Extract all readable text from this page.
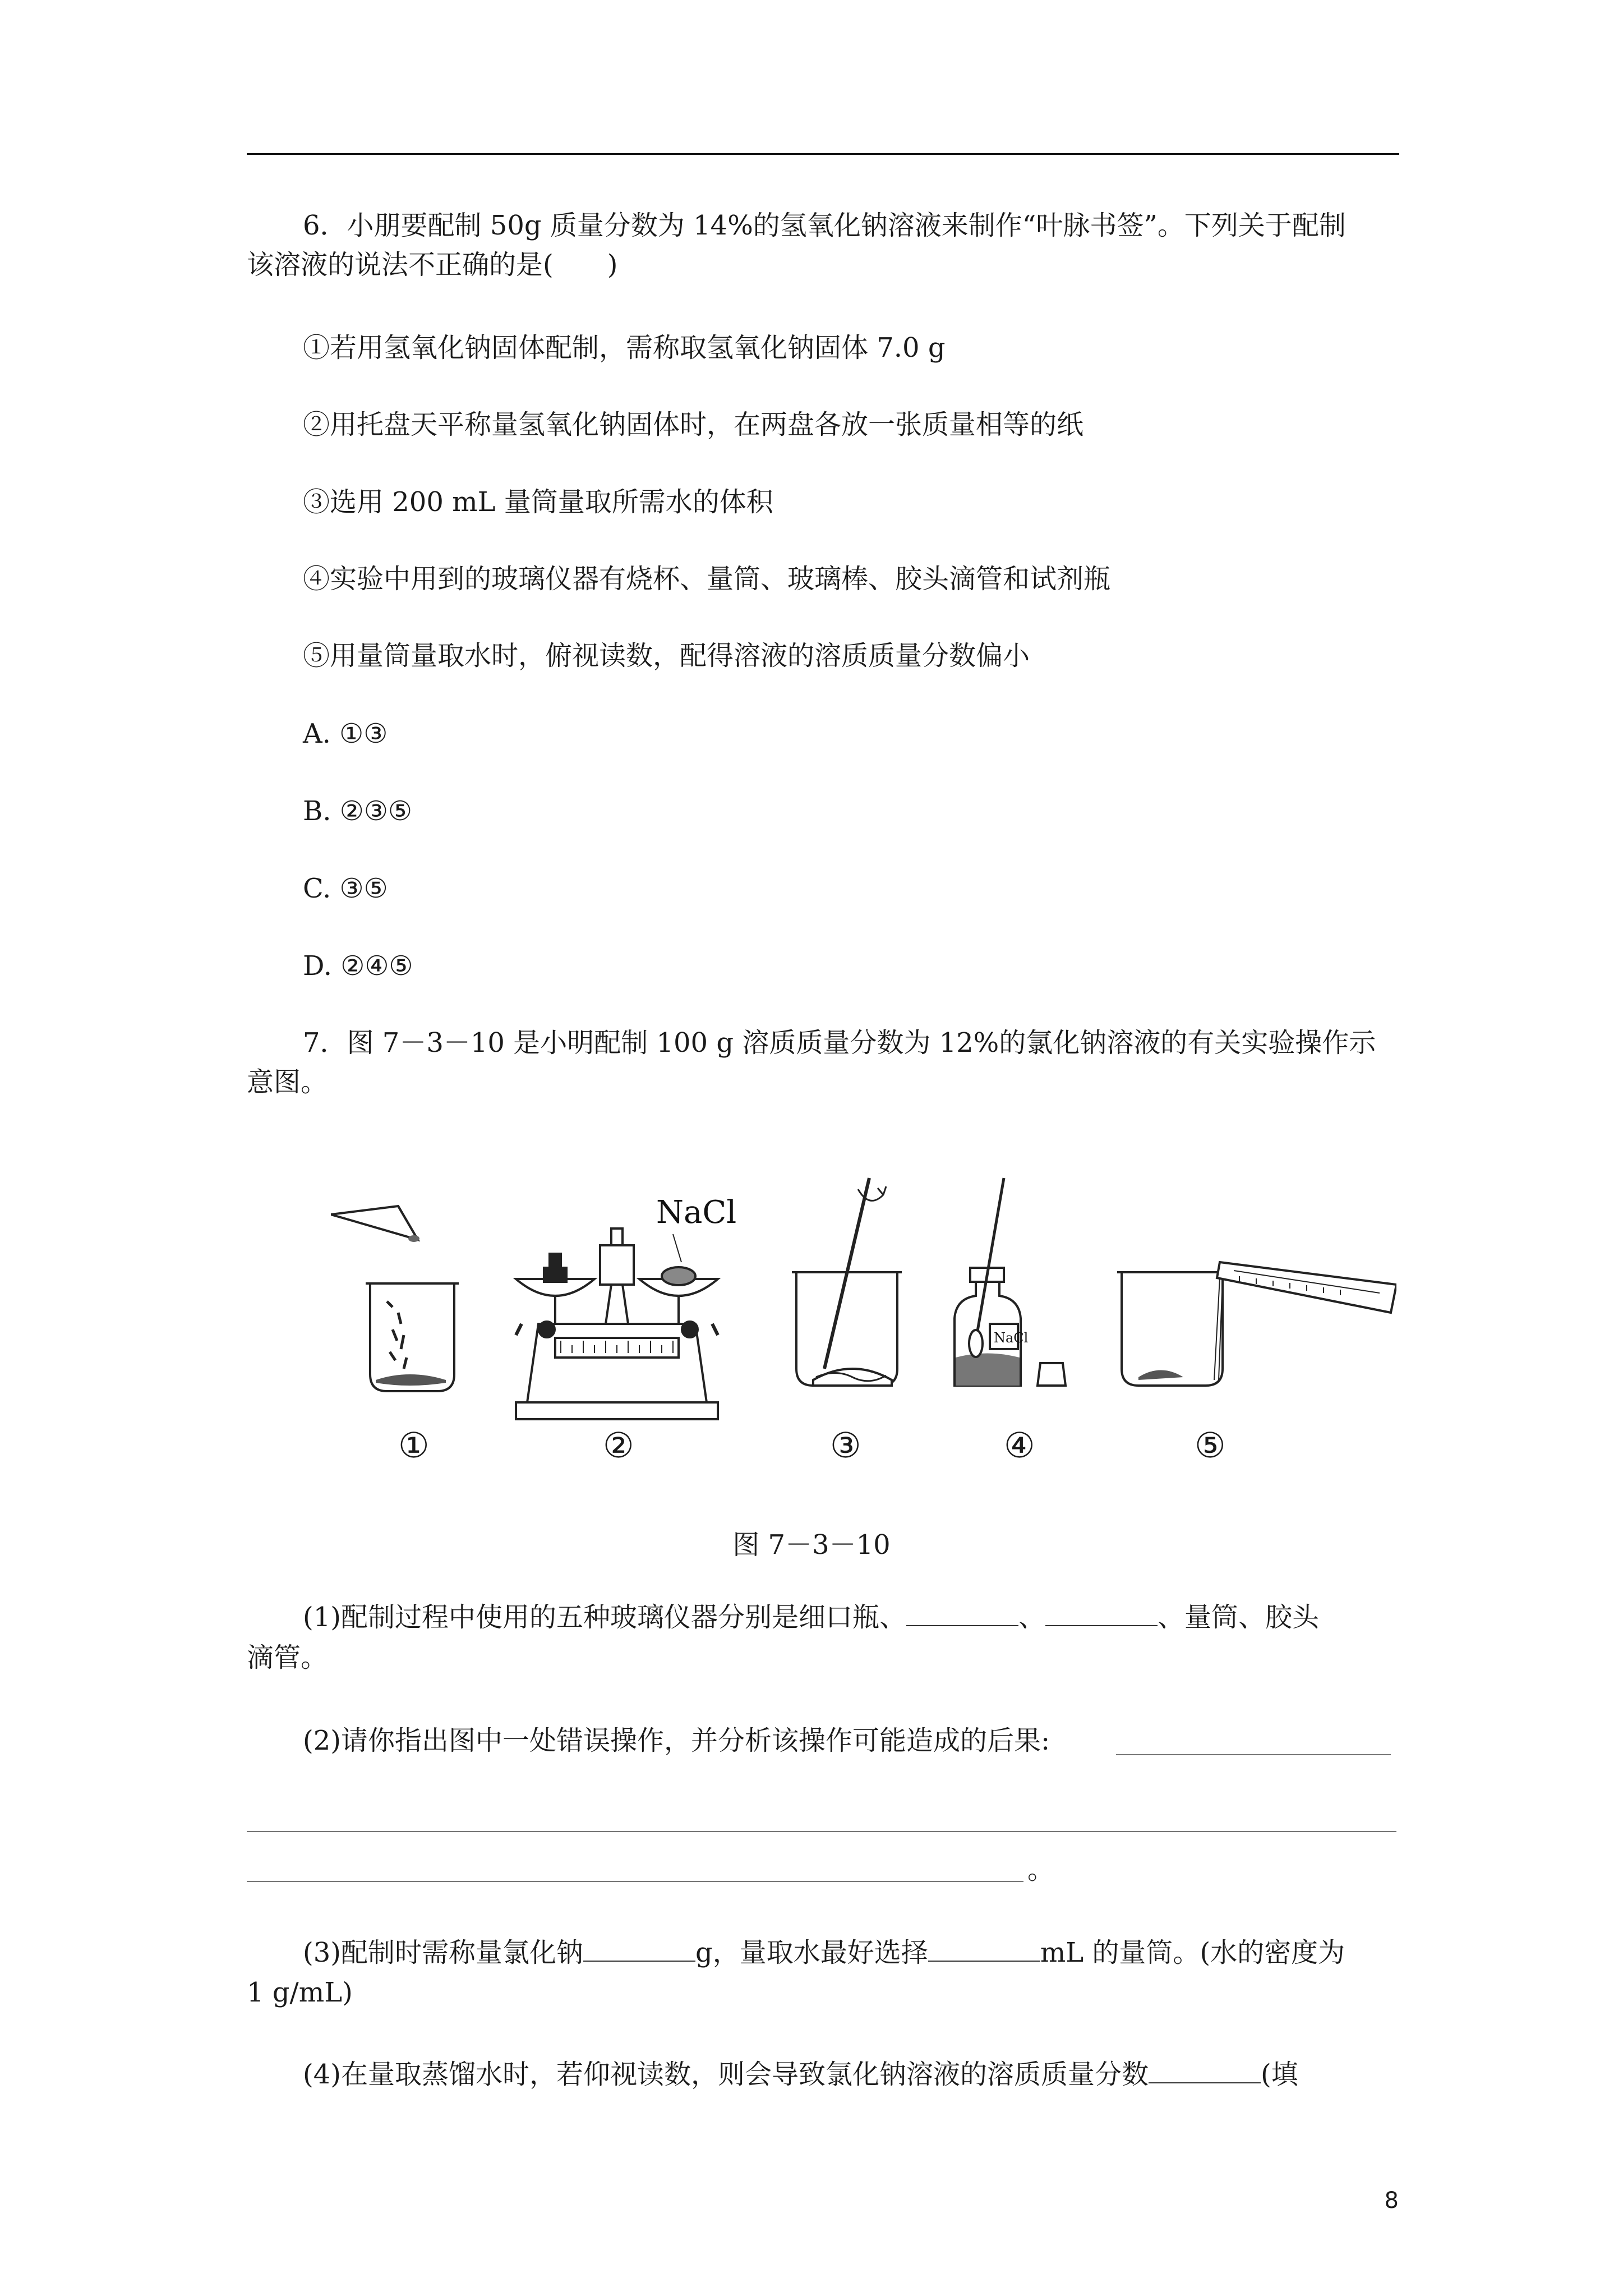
6．小朋要配制 50g 质量分数为 14%的氢氧化钠溶液来制作“叶脉书签”。下列关于配制
该溶液的说法不正确的是(　　)
①若用氢氧化钠固体配制，需称取氢氧化钠固体 7.0 g
②用托盘天平称量氢氧化钠固体时，在两盘各放一张质量相等的纸
③选用 200 mL 量筒量取所需水的体积
④实验中用到的玻璃仪器有烧杯、量筒、玻璃棒、胶头滴管和试剂瓶
⑤用量筒量取水时，俯视读数，配得溶液的溶质质量分数偏小
A. ①③
B. ②③⑤
C. ③⑤
D. ②④⑤
7．图 7－3－10 是小明配制 100 g 溶质质量分数为 12%的氯化钠溶液的有关实验操作示
意图。
NaCl
NaCl
①	②	③	④	⑤
图 7－3－10
(1)配制过程中使用的五种玻璃仪器分别是细口瓶、	、	、量筒、胶头
滴管。
(2)请你指出图中一处错误操作，并分析该操作可能造成的后果:
。
(3)配制时需称量氯化钠	g，量取水最好选择	mL 的量筒。(水的密度为
1 g/mL)
(4)在量取蒸馏水时，若仰视读数，则会导致氯化钠溶液的溶质质量分数	(填
8
